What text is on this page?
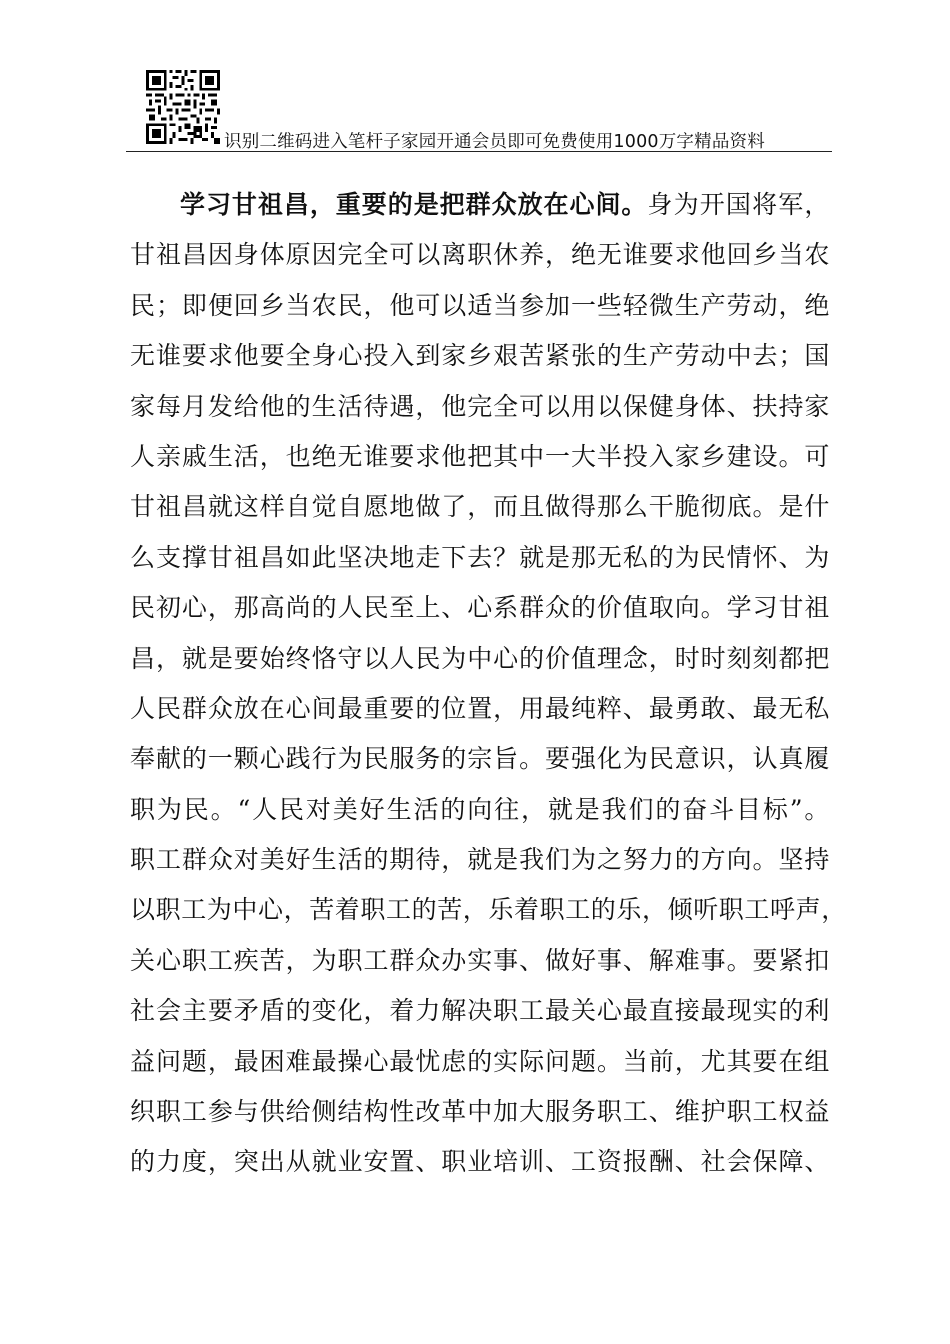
识别二维码进入笔杆子家园开通会员即可免费使用1000万字精品资料
学习甘祖昌，重要的是把群众放在心间。身为开国将军，
甘祖昌因身体原因完全可以离职休养，绝无谁要求他回乡当农
民；即便回乡当农民，他可以适当参加一些轻微生产劳动，绝
无谁要求他要全身心投入到家乡艰苦紧张的生产劳动中去；国
家每月发给他的生活待遇，他完全可以用以保健身体、扶持家
人亲戚生活，也绝无谁要求他把其中一大半投入家乡建设。可
甘祖昌就这样自觉自愿地做了，而且做得那么干脆彻底。是什
么支撑甘祖昌如此坚决地走下去？就是那无私的为民情怀、为
民初心，那高尚的人民至上、心系群众的价值取向。学习甘祖
昌，就是要始终恪守以人民为中心的价值理念，时时刻刻都把
人民群众放在心间最重要的位置，用最纯粹、最勇敢、最无私
奉献的一颗心践行为民服务的宗旨。要强化为民意识，认真履
职为民。“人民对美好生活的向往，就是我们的奋斗目标”。
职工群众对美好生活的期待，就是我们为之努力的方向。坚持
以职工为中心，苦着职工的苦，乐着职工的乐，倾听职工呼声，
关心职工疾苦，为职工群众办实事、做好事、解难事。要紧扣
社会主要矛盾的变化，着力解决职工最关心最直接最现实的利
益问题，最困难最操心最忧虑的实际问题。当前，尤其要在组
织职工参与供给侧结构性改革中加大服务职工、维护职工权益
的力度，突出从就业安置、职业培训、工资报酬、社会保障、
